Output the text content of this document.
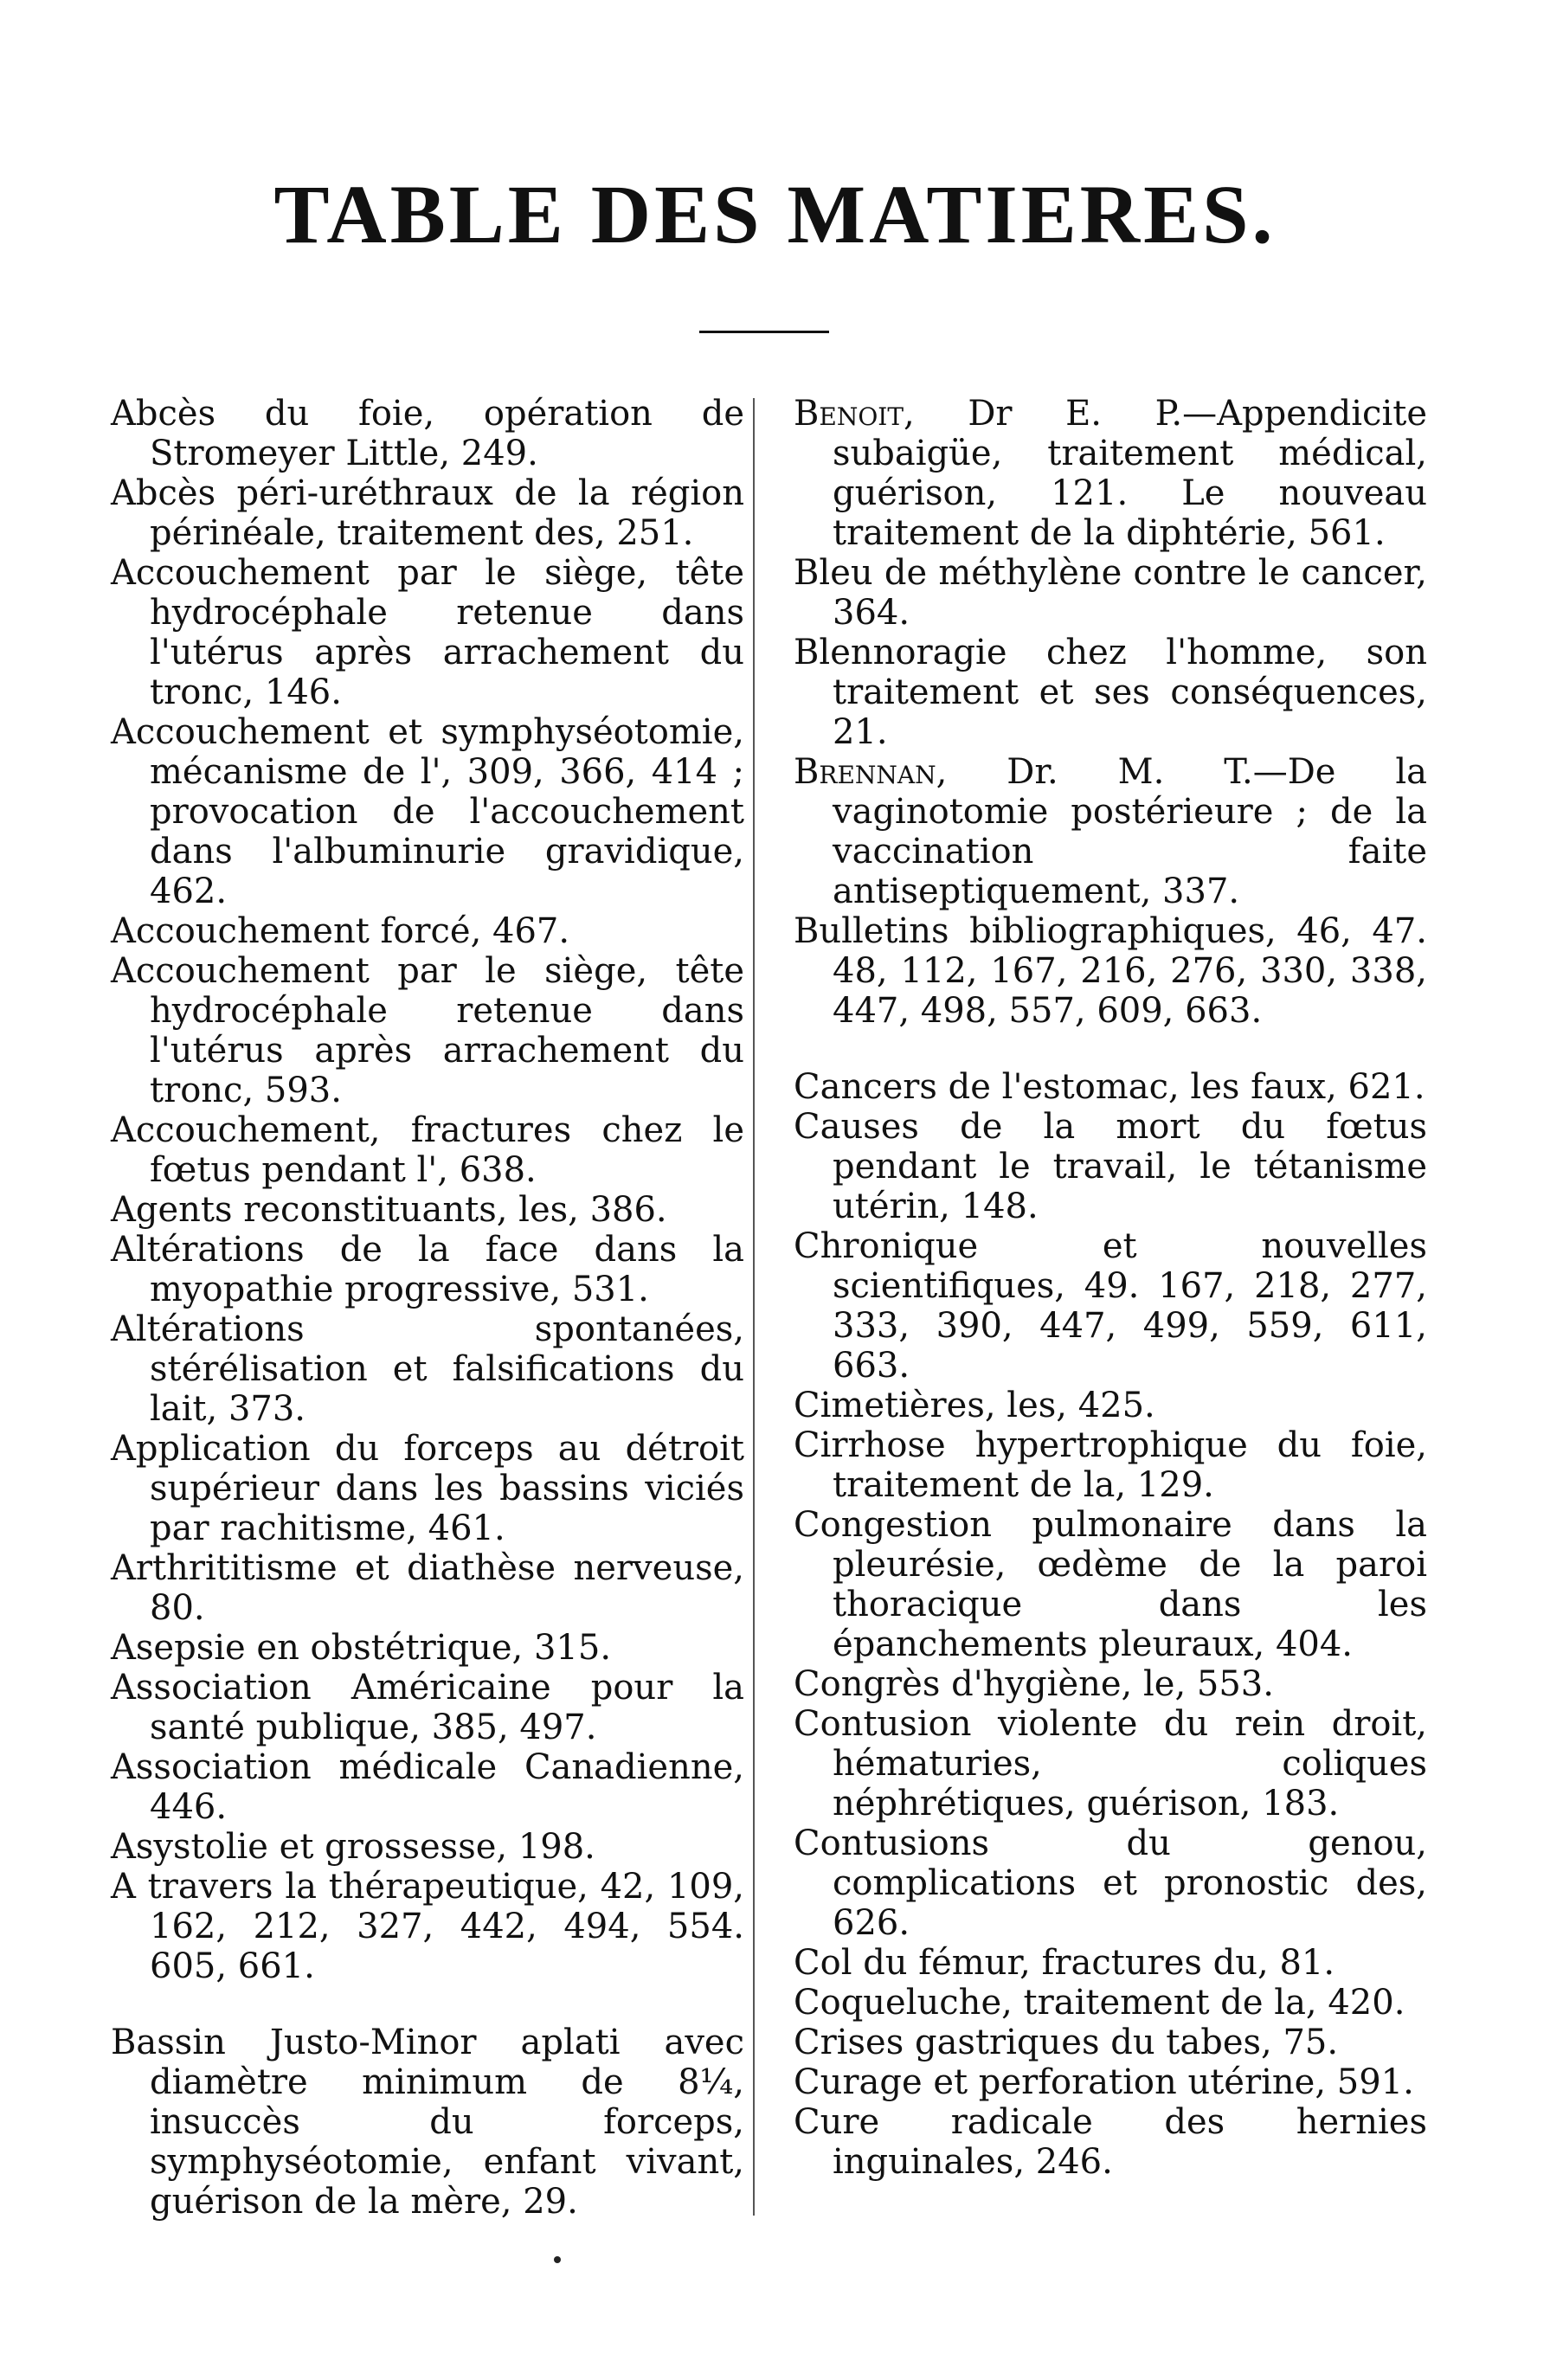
TABLE DES MATIERES.

Abcès du foie, opération de Stromeyer Little, 249.

Abcès péri-uréthraux de la région périnéale, traitement des, 251.

Accouchement par le siège, tête hydrocéphale retenue dans l'utérus après arrachement du tronc, 146.

Accouchement et symphyséotomie, mécanisme de l', 309, 366, 414 ; provocation de l'accouchement dans l'albuminurie gravidique, 462.

Accouchement forcé, 467.

Accouchement par le siège, tête hydrocéphale retenue dans l'utérus après arrachement du tronc, 593.

Accouchement, fractures chez le fœtus pendant l', 638.

Agents reconstituants, les, 386.

Altérations de la face dans la myopathie progressive, 531.

Altérations spontanées, stérélisation et falsifications du lait, 373.

Application du forceps au détroit supérieur dans les bassins viciés par rachitisme, 461.

Arthrititisme et diathèse nerveuse, 80.

Asepsie en obstétrique, 315.

Association Américaine pour la santé publique, 385, 497.

Association médicale Canadienne, 446.

Asystolie et grossesse, 198.

A travers la thérapeutique, 42, 109, 162, 212, 327, 442, 494, 554. 605, 661.

Bassin Justo-Minor aplati avec diamètre minimum de 8¼, insuccès du forceps, symphyséotomie, enfant vivant, guérison de la mère, 29.

Benoit, Dr E. P.—Appendicite subaigüe, traitement médical, guérison, 121. Le nouveau traitement de la diphtérie, 561.

Bleu de méthylène contre le cancer, 364.

Blennoragie chez l'homme, son traitement et ses conséquences, 21.

Brennan, Dr. M. T.—De la vaginotomie postérieure ; de la vaccination faite antiseptiquement, 337.

Bulletins bibliographiques, 46, 47. 48, 112, 167, 216, 276, 330, 338, 447, 498, 557, 609, 663.

Cancers de l'estomac, les faux, 621.

Causes de la mort du fœtus pendant le travail, le tétanisme utérin, 148.

Chronique et nouvelles scientifiques, 49. 167, 218, 277, 333, 390, 447, 499, 559, 611, 663.

Cimetières, les, 425.

Cirrhose hypertrophique du foie, traitement de la, 129.

Congestion pulmonaire dans la pleurésie, œdème de la paroi thoracique dans les épanchements pleuraux, 404.

Congrès d'hygiène, le, 553.

Contusion violente du rein droit, hématuries, coliques néphrétiques, guérison, 183.

Contusions du genou, complications et pronostic des, 626.

Col du fémur, fractures du, 81.

Coqueluche, traitement de la, 420.

Crises gastriques du tabes, 75.

Curage et perforation utérine, 591.

Cure radicale des hernies inguinales, 246.
